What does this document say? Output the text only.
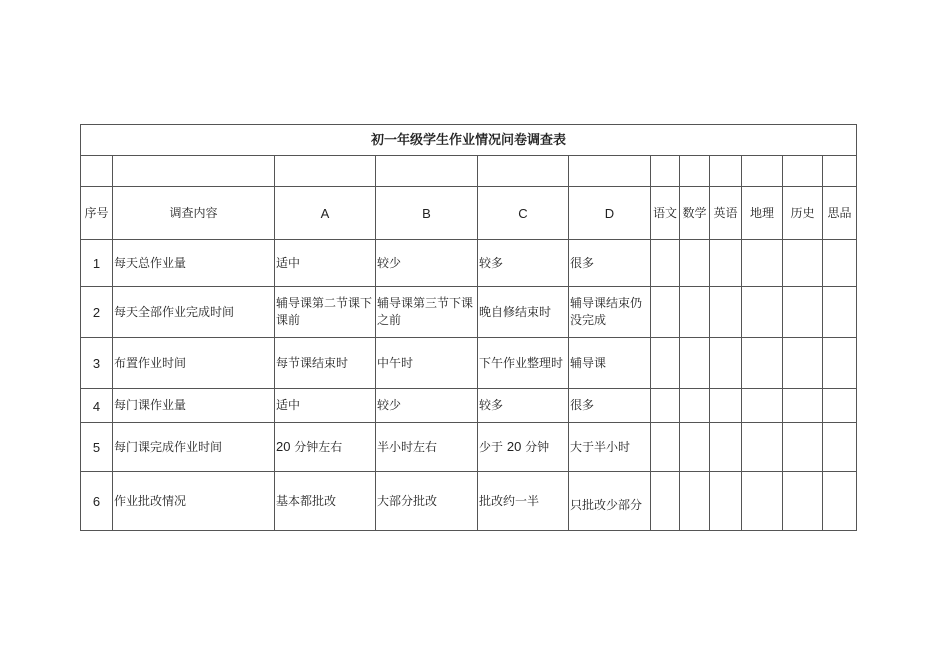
初一年级学生作业情况问卷调查表											

序号	调查内容	A	B	C	D	语文	数学	英语	地理	历史	思品
1	每天总作业量	适中	较少	较多	很多						
2	每天全部作业完成时间	辅导课第二节课下课前	辅导课第三节下课之前	晚自修结束时	辅导课结束仍没完成						
3	布置作业时间	每节课结束时	中午时	下午作业整理时	辅导课						
4	每门课作业量	适中	较少	较多	很多						
5	每门课完成作业时间	20 分钟左右	半小时左右	少于 20 分钟	大于半小时						
6	作业批改情况	基本都批改	大部分批改	批改约一半	只批改少部分						
